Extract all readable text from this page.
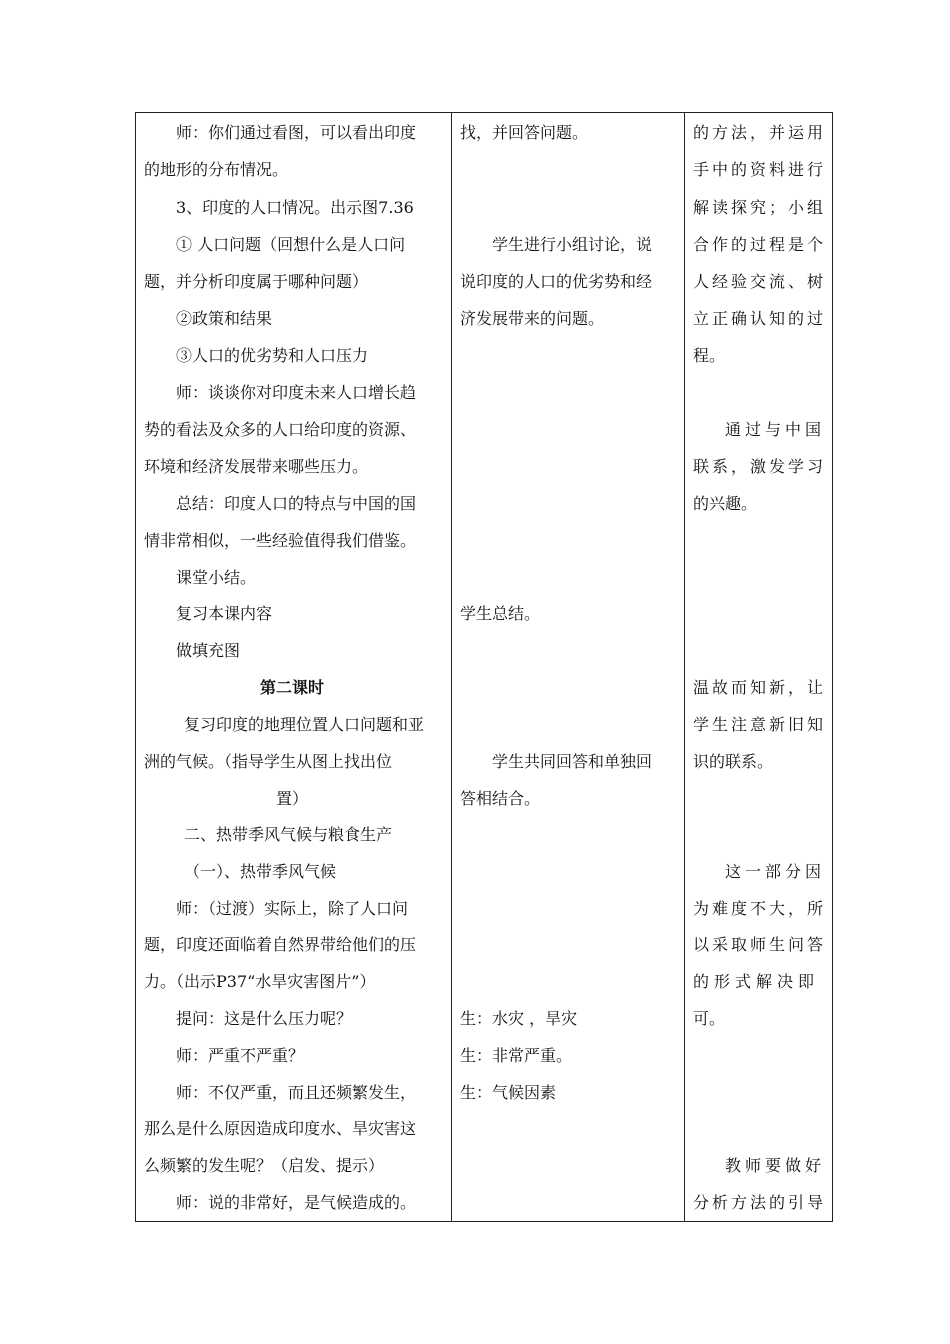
师：你们通过看图，可以看出印度
的地形的分布情况。
3、印度的人口情况。出示图7.36
① 人口问题（回想什么是人口问
题，并分析印度属于哪种问题）
②政策和结果
③人口的优劣势和人口压力
师：谈谈你对印度未来人口增长趋
势的看法及众多的人口给印度的资源、
环境和经济发展带来哪些压力。
总结：印度人口的特点与中国的国
情非常相似，一些经验值得我们借鉴。
课堂小结。
复习本课内容
做填充图
第二课时
复习印度的地理位置人口问题和亚
洲的气候。（指导学生从图上找出位
置）
二、热带季风气候与粮食生产
（一）、热带季风气候
师：（过渡）实际上，除了人口问
题，印度还面临着自然界带给他们的压
力。（出示P37“水旱灾害图片”）
提问：这是什么压力呢？
师：严重不严重？
师：不仅严重，而且还频繁发生，
那么是什么原因造成印度水、旱灾害这
么频繁的发生呢？（启发、提示）
师：说的非常好，是气候造成的。
找，并回答问题。
学生进行小组讨论，说
说印度的人口的优劣势和经
济发展带来的问题。
学生总结。
学生共同回答和单独回
答相结合。
生：水灾 ，旱灾
生：非常严重。
生：气候因素
的方法，并运用
手中的资料进行
解读探究；小组
合作的过程是个
人经验交流、树
立正确认知的过
程。
通过与中国
联系，激发学习
的兴趣。
温故而知新，让
学生注意新旧知
识的联系。
这一部分因
为难度不大，所
以采取师生问答
的形式解决即
可。
教师要做好
分析方法的引导
